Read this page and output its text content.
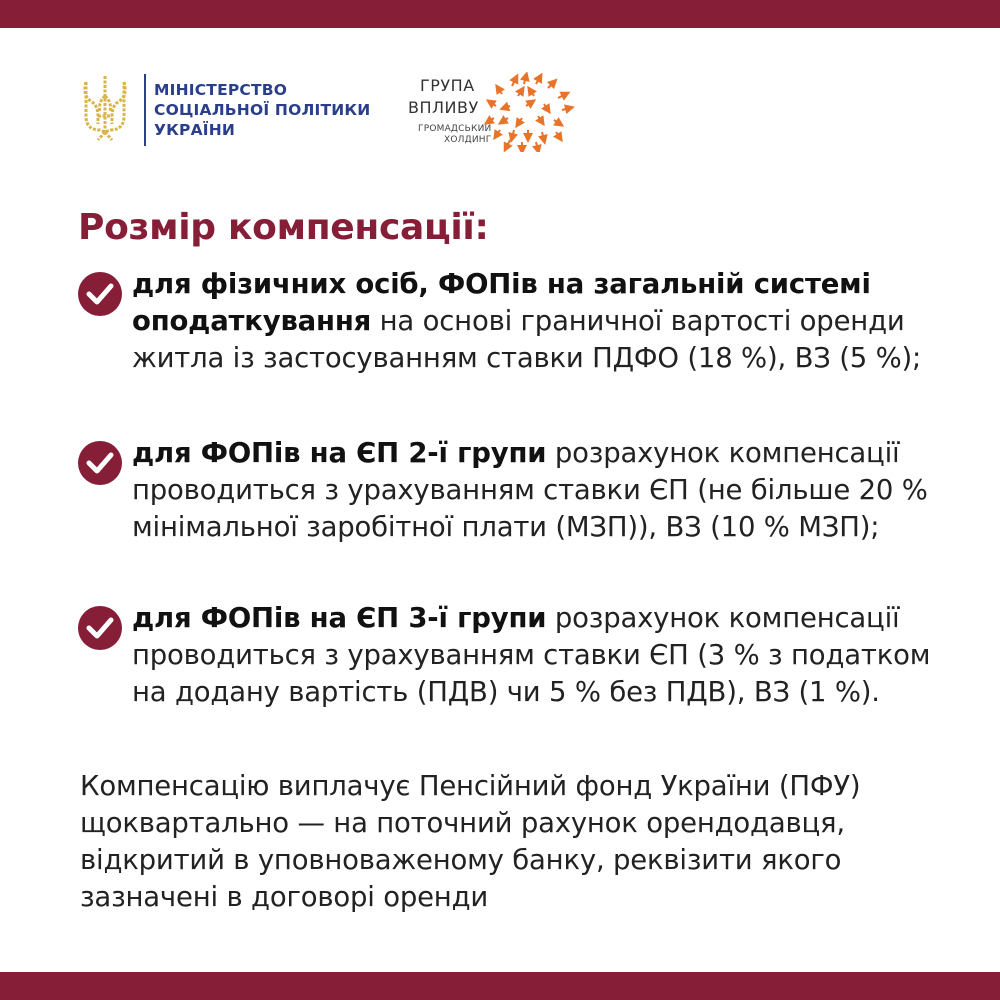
МІНІСТЕРСТВО
СОЦІАЛЬНОЇ ПОЛІТИКИ
УКРАЇНИ
ГРУПА
ВПЛИВУ
ГРОМАДСЬКИЙ
ХОЛДИНГ
Розмір компенсації:
для фізичних осіб, ФОПів на загальній системі оподаткування на основі граничної вартості оренди житла із застосуванням ставки ПДФО (18 %), ВЗ (5 %);
для ФОПів на ЄП 2-ї групи розрахунок компенсації проводиться з урахуванням ставки ЄП (не більше 20 % мінімальної заробітної плати (МЗП)), ВЗ (10 % МЗП);
для ФОПів на ЄП 3-ї групи розрахунок компенсації проводиться з урахуванням ставки ЄП (3 % з податком на додану вартість (ПДВ) чи 5 % без ПДВ), ВЗ (1 %).
Компенсацію виплачує Пенсійний фонд України (ПФУ) щоквартально — на поточний рахунок орендодавця, відкритий в уповноваженому банку, реквізити якого зазначені в договорі оренди
